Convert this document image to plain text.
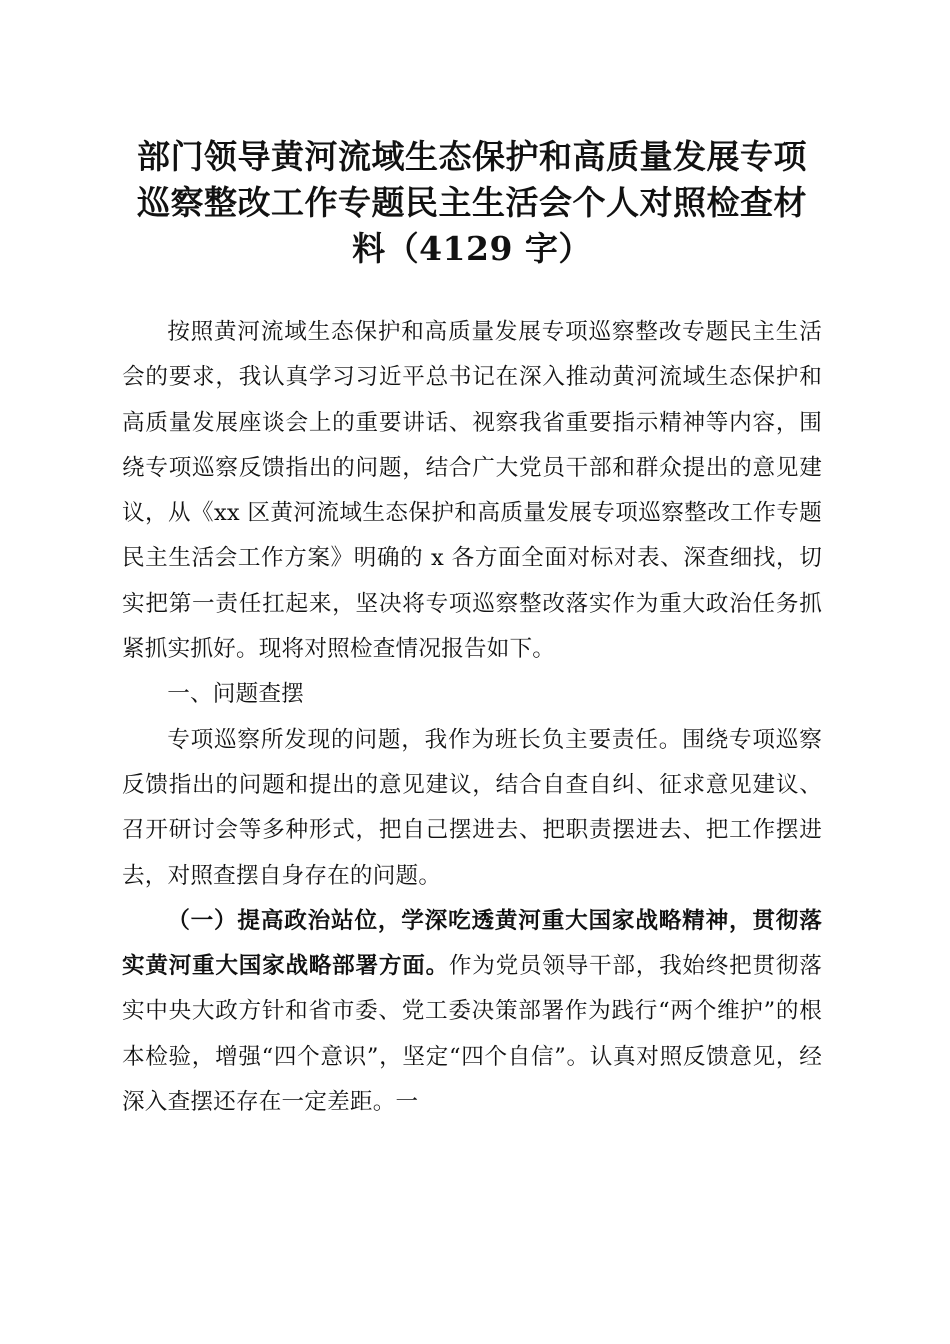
部门领导黄河流域生态保护和高质量发展专项
巡察整改工作专题民主生活会个人对照检查材
料（4129 字）

按照黄河流域生态保护和高质量发展专项巡察整改专题民主生活会的要求，我认真学习习近平总书记在深入推动黄河流域生态保护和高质量发展座谈会上的重要讲话、视察我省重要指示精神等内容，围绕专项巡察反馈指出的问题，结合广大党员干部和群众提出的意见建议，从《xx 区黄河流域生态保护和高质量发展专项巡察整改工作专题民主生活会工作方案》明确的 x 各方面全面对标对表、深查细找，切实把第一责任扛起来，坚决将专项巡察整改落实作为重大政治任务抓紧抓实抓好。现将对照检查情况报告如下。

一、问题查摆

专项巡察所发现的问题，我作为班长负主要责任。围绕专项巡察反馈指出的问题和提出的意见建议，结合自查自纠、征求意见建议、召开研讨会等多种形式，把自己摆进去、把职责摆进去、把工作摆进去，对照查摆自身存在的问题。

（一）提高政治站位，学深吃透黄河重大国家战略精神，贯彻落实黄河重大国家战略部署方面。作为党员领导干部，我始终把贯彻落实中央大政方针和省市委、党工委决策部署作为践行“两个维护”的根本检验，增强“四个意识”，坚定“四个自信”。认真对照反馈意见，经深入查摆还存在一定差距。一
